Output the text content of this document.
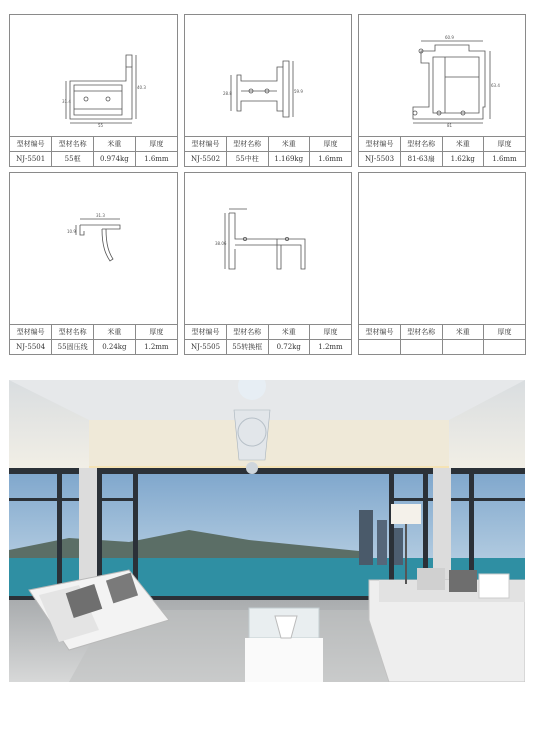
31.4
40.3
55
型材编号	型材名称	米重	厚度
NJ-5501	55框	0.974kg	1.6mm
28.8	59.9
型材编号	型材名称	米重	厚度
NJ-5502	55中柱	1.169kg	1.6mm
60.9
63.4
81
型材编号	型材名称	米重	厚度
NJ-5503	81-63扇	1.62kg	1.6mm
31.3
10.9
型材编号	型材名称	米重	厚度
NJ-5504	55固压线	0.24kg	1.2mm
38.06
型材编号	型材名称	米重	厚度
NJ-5505	55转换框	0.72kg	1.2mm
型材编号	型材名称	米重	厚度
